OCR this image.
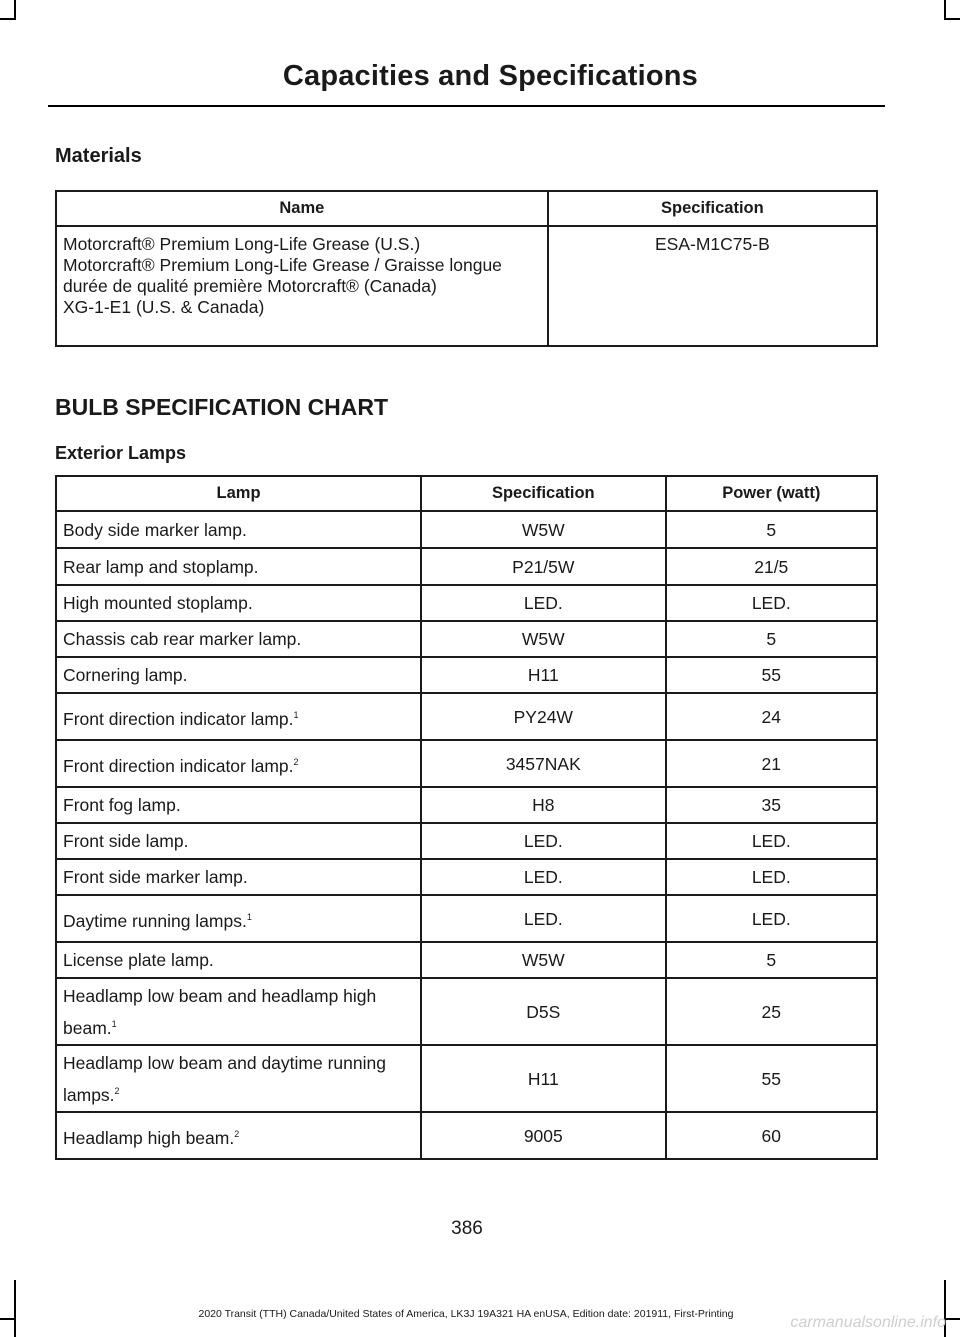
Capacities and Specifications
Materials
Name	Specification

Motorcraft® Premium Long-Life Grease (U.S.)
Motorcraft® Premium Long-Life Grease / Graisse longue durée de qualité première Motorcraft® (Canada)
XG-1-E1 (U.S. & Canada)	ESA-M1C75-B
BULB SPECIFICATION CHART
Exterior Lamps
Lamp	Specification	Power (watt)
Body side marker lamp.	W5W	5
Rear lamp and stoplamp.	P21/5W	21/5
High mounted stoplamp.	LED.	LED.
Chassis cab rear marker lamp.	W5W	5
Cornering lamp.	H11	55
Front direction indicator lamp.$^1$	PY24W	24
Front direction indicator lamp.$^2$	3457NAK	21
Front fog lamp.	H8	35
Front side lamp.	LED.	LED.
Front side marker lamp.	LED.	LED.
Daytime running lamps.$^1$	LED.	LED.
License plate lamp.	W5W	5
Headlamp low beam and headlamp high beam.$^1$	D5S	25
Headlamp low beam and daytime running lamps.$^2$	H11	55
Headlamp high beam.$^2$	9005	60
386
2020 Transit (TTH) Canada/United States of America, LK3J 19A321 HA enUSA, Edition date: 201911, First-Printing	carmanualsonline.info
